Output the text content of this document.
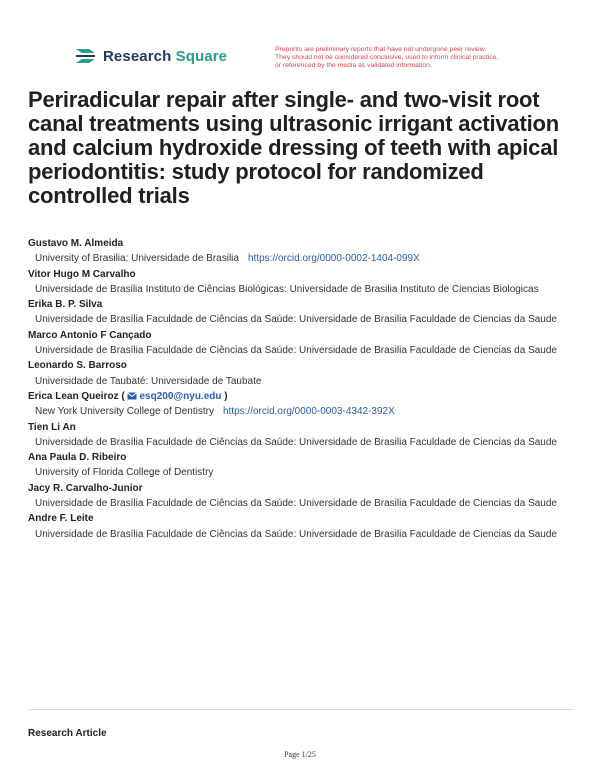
Research Square	Preprints are preliminary reports that have not undergone peer review.
They should not be considered conclusive, used to inform clinical practice,
or referenced by the media as validated information.
Periradicular repair after single- and two-visit root canal treatments using ultrasonic irrigant activation and calcium hydroxide dressing of teeth with apical periodontitis: study protocol for randomized controlled trials
Gustavo M. Almeida
University of Brasilia: Universidade de Brasilia https://orcid.org/0000-0002-1404-099X
Vitor Hugo M Carvalho
Universidade de Brasilia Instituto de Ciências Biológicas: Universidade de Brasilia Instituto de Ciencias Biologicas
Erika B. P. Silva
Universidade de Brasília Faculdade de Ciências da Saúde: Universidade de Brasilia Faculdade de Ciencias da Saude
Marco Antonio F Cançado
Universidade de Brasília Faculdade de Ciências da Saúde: Universidade de Brasilia Faculdade de Ciencias da Saude
Leonardo S. Barroso
Universidade de Taubaté: Universidade de Taubate
Erica Lean Queiroz ( esq200@nyu.edu )
New York University College of Dentistry https://orcid.org/0000-0003-4342-392X
Tien Li An
Universidade de Brasília Faculdade de Ciências da Saúde: Universidade de Brasilia Faculdade de Ciencias da Saude
Ana Paula D. Ribeiro
University of Florida College of Dentistry
Jacy R. Carvalho-Junior
Universidade de Brasília Faculdade de Ciências da Saúde: Universidade de Brasilia Faculdade de Ciencias da Saude
Andre F. Leite
Universidade de Brasília Faculdade de Ciências da Saúde: Universidade de Brasilia Faculdade de Ciencias da Saude
Research Article
Page 1/25
